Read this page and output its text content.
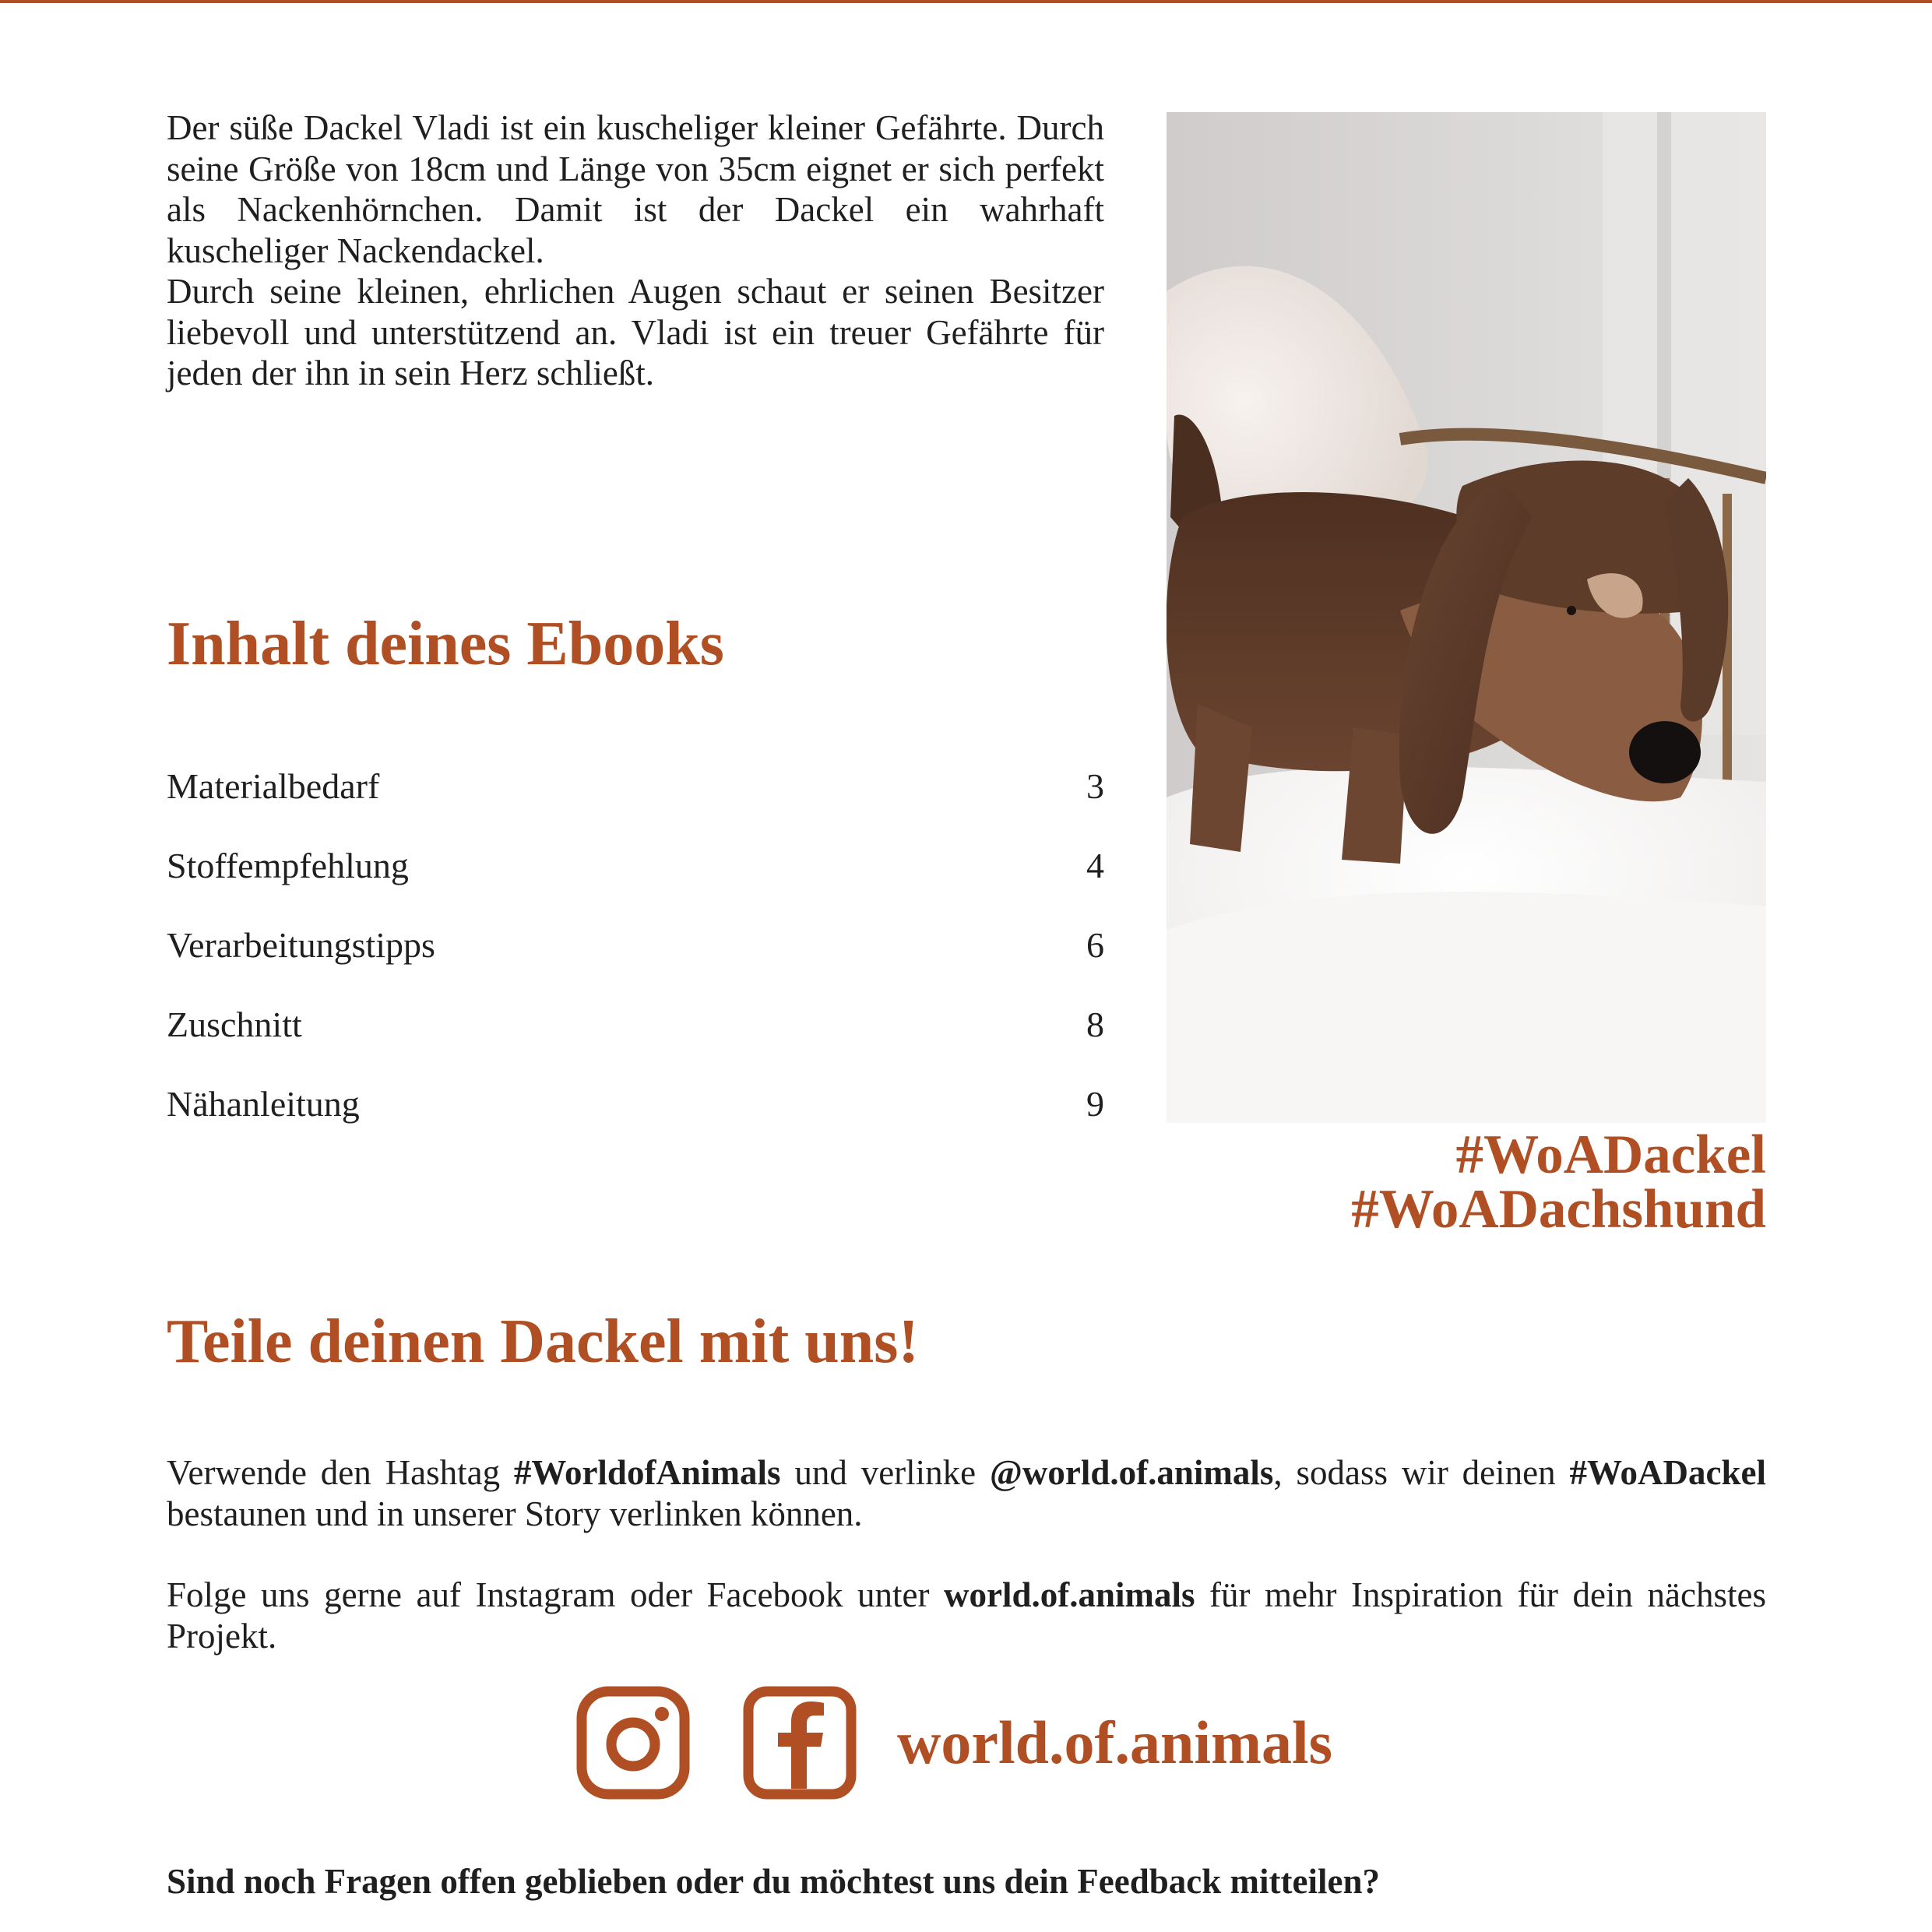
Der süße Dackel Vladi ist ein kuscheliger kleiner Gefährte. Durch seine Größe von 18cm und Länge von 35cm eignet er sich perfekt als Nackenhörnchen. Damit ist der Dackel ein wahrhaft kuscheliger Nackendackel.

Durch seine kleinen, ehrlichen Augen schaut er seinen Besitzer liebevoll und unterstützend an. Vladi ist ein treuer Gefährte für jeden der ihn in sein Herz schließt.

#WoADackel
#WoADachshund
Inhalt deines Ebooks
Materialbedarf	3
Stoffempfehlung	4
Verarbeitungstipps	6
Zuschnitt	8
Nähanleitung	9
Teile deinen Dackel mit uns!

Verwende den Hashtag #WorldofAnimals und verlinke @world.of.animals, sodass wir deinen #WoADackel bestaunen und in unserer Story verlinken können.

Folge uns gerne auf Instagram oder Facebook unter world.of.animals für mehr Inspiration für dein nächstes Projekt.

world.of.animals

Sind noch Fragen offen geblieben oder du möchtest uns dein Feedback mitteilen?
